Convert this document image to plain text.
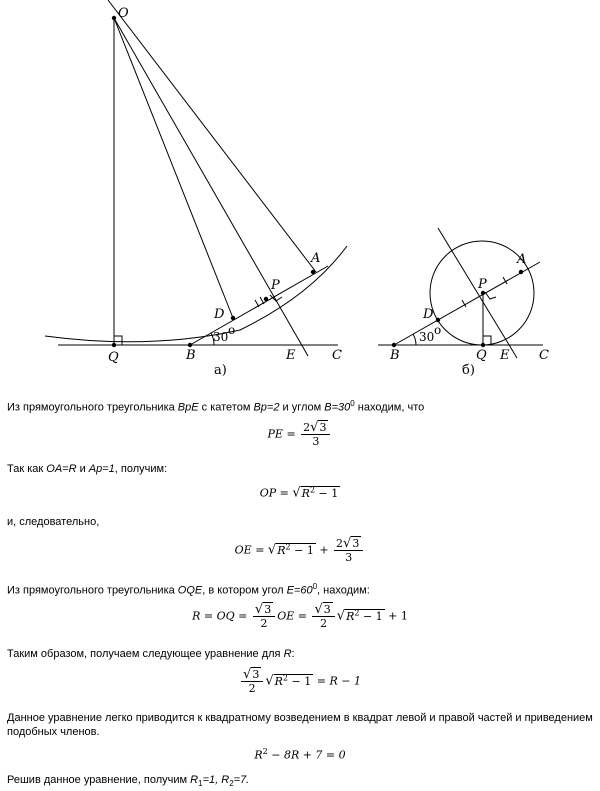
O
A
P
D
Q	B	E	C
30 o
а)
A
P
D
B	Q E C
30 o
б)

Из прямоугольного треугольника BpE с катетом Bp=2 и углом $B=30^0$ находим, что

PE = $\frac{2√3}{3}$

Так как OA=R и Ap=1, получим:

OP = $√R^2 - 1$

и, следовательно,

OE = $√R^2 - 1 + \frac{2√3}{3}$

Из прямоугольного треугольника OQE, в котором угол $E=60^0$, находим:

R = OQ = $\frac{√3}{2}$ OE = $\frac{√3}{2} √R^2 - 1 + 1$

Таким образом, получаем следующее уравнение для R:

$\frac{√3}{2} √R^2 - 1 = R - 1$

Данное уравнение легко приводится к квадратному возведением в квадрат левой и правой частей и приведением подобных членов.

$R^2 - 8R + 7 = 0$

Решив данное уравнение, получим $R_1=1$, $R_2=7$.
